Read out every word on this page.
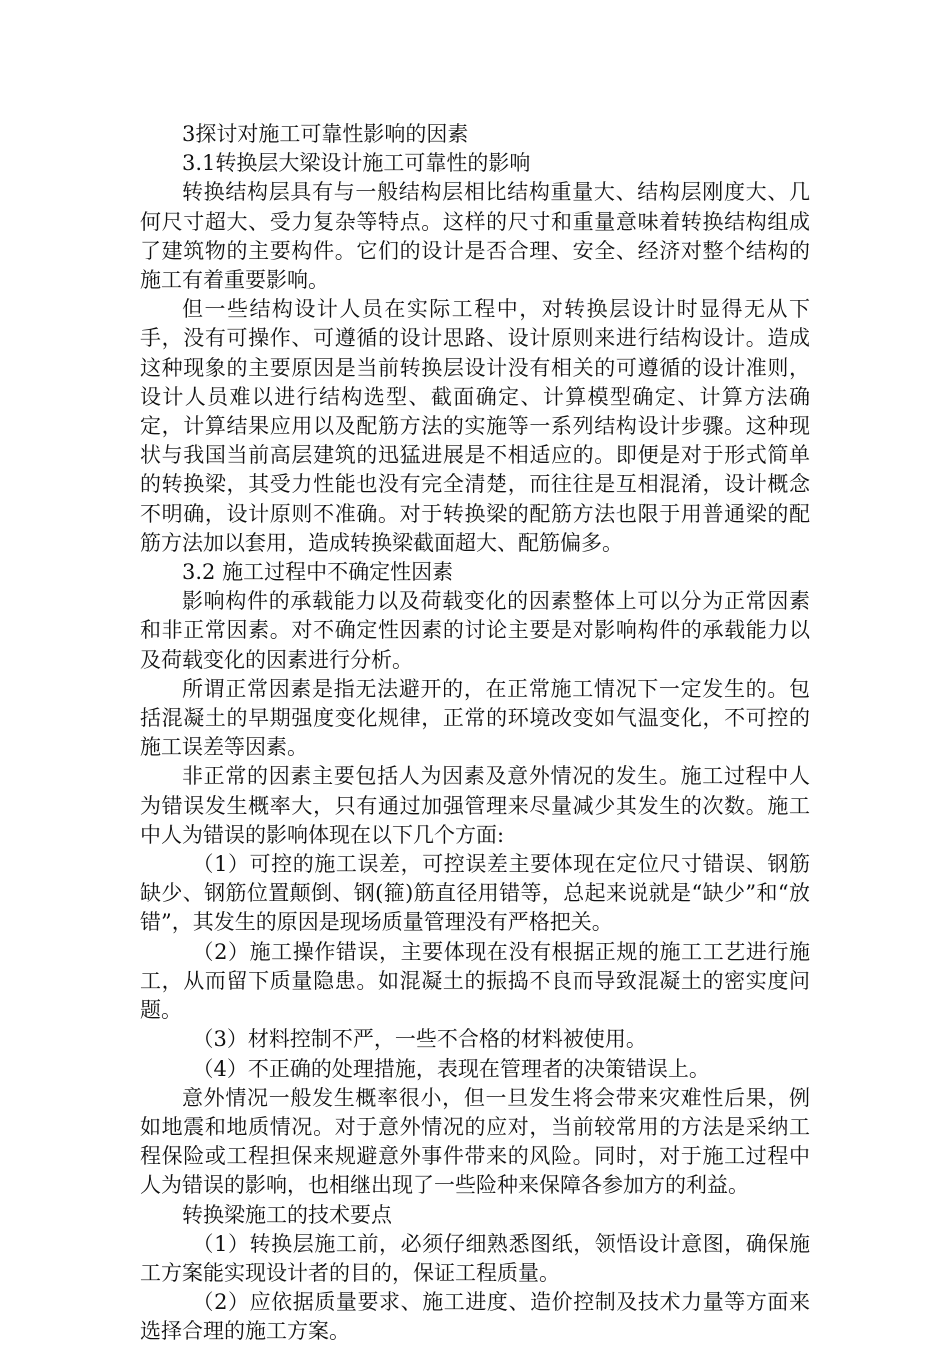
3探讨对施工可靠性影响的因素

3.1转换层大梁设计施工可靠性的影响

转换结构层具有与一般结构层相比结构重量大、结构层刚度大、几何尺寸超大、受力复杂等特点。这样的尺寸和重量意味着转换结构组成了建筑物的主要构件。它们的设计是否合理、安全、经济对整个结构的施工有着重要影响。

但一些结构设计人员在实际工程中，对转换层设计时显得无从下手，没有可操作、可遵循的设计思路、设计原则来进行结构设计。造成这种现象的主要原因是当前转换层设计没有相关的可遵循的设计准则，设计人员难以进行结构选型、截面确定、计算模型确定、计算方法确定，计算结果应用以及配筋方法的实施等一系列结构设计步骤。这种现状与我国当前高层建筑的迅猛进展是不相适应的。即便是对于形式简单的转换梁，其受力性能也没有完全清楚，而往往是互相混淆，设计概念不明确，设计原则不准确。对于转换梁的配筋方法也限于用普通梁的配筋方法加以套用，造成转换梁截面超大、配筋偏多。

3.2 施工过程中不确定性因素

影响构件的承载能力以及荷载变化的因素整体上可以分为正常因素和非正常因素。对不确定性因素的讨论主要是对影响构件的承载能力以及荷载变化的因素进行分析。

所谓正常因素是指无法避开的，在正常施工情况下一定发生的。包括混凝土的早期强度变化规律，正常的环境改变如气温变化，不可控的施工误差等因素。

非正常的因素主要包括人为因素及意外情况的发生。施工过程中人为错误发生概率大，只有通过加强管理来尽量减少其发生的次数。施工中人为错误的影响体现在以下几个方面:

（1）可控的施工误差，可控误差主要体现在定位尺寸错误、钢筋缺少、钢筋位置颠倒、钢(箍)筋直径用错等，总起来说就是“缺少”和“放错”，其发生的原因是现场质量管理没有严格把关。

（2）施工操作错误，主要体现在没有根据正规的施工工艺进行施工，从而留下质量隐患。如混凝土的振捣不良而导致混凝土的密实度问题。

（3）材料控制不严，一些不合格的材料被使用。

（4）不正确的处理措施，表现在管理者的决策错误上。

意外情况一般发生概率很小，但一旦发生将会带来灾难性后果，例如地震和地质情况。对于意外情况的应对，当前较常用的方法是采纳工程保险或工程担保来规避意外事件带来的风险。同时，对于施工过程中人为错误的影响，也相继出现了一些险种来保障各参加方的利益。

转换梁施工的技术要点

（1）转换层施工前，必须仔细熟悉图纸，领悟设计意图，确保施工方案能实现设计者的目的，保证工程质量。

（2）应依据质量要求、施工进度、造价控制及技术力量等方面来选择合理的施工方案。
